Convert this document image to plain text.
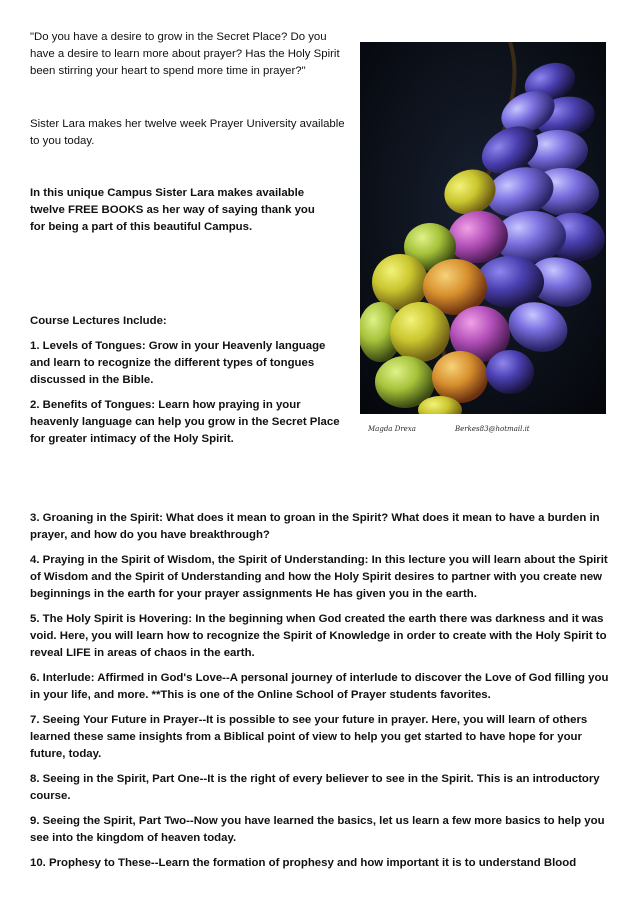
"Do you have a desire to grow in the Secret Place? Do you have a desire to learn more about prayer? Has the Holy Spirit been stirring your heart to spend more time in prayer?"

Sister Lara makes her twelve week Prayer University available to you today.

In this unique Campus Sister Lara makes available twelve FREE BOOKS as her way of saying thank you for being a part of this beautiful Campus.

Course Lectures Include:

1. Levels of Tongues: Grow in your Heavenly language and learn to recognize the different types of tongues discussed in the Bible.

2. Benefits of Tongues: Learn how praying in your heavenly language can help you grow in the Secret Place for greater intimacy of the Holy Spirit.

3. Groaning in the Spirit: What does it mean to groan in the Spirit? What does it mean to have a burden in prayer, and how do you have breakthrough?

4. Praying in the Spirit of Wisdom, the Spirit of Understanding: In this lecture you will learn about the Spirit of Wisdom and the Spirit of Understanding and how the Holy Spirit desires to partner with you create new beginnings in the earth for your prayer assignments He has given you in the earth.

5. The Holy Spirit is Hovering: In the beginning when God created the earth there was darkness and it was void. Here, you will learn how to recognize the Spirit of Knowledge in order to create with the Holy Spirit to reveal LIFE in areas of chaos in the earth.

6. Interlude: Affirmed in God's Love--A personal journey of interlude to discover the Love of God filling you in your life, and more. **This is one of the Online School of Prayer students favorites.

7. Seeing Your Future in Prayer--It is possible to see your future in prayer. Here, you will learn of others learned these same insights from a Biblical point of view to help you get started to have hope for your future, today.

8. Seeing in the Spirit, Part One--It is the right of every believer to see in the Spirit. This is an introductory course.

9. Seeing the Spirit, Part Two--Now you have learned the basics, let us learn a few more basics to help you see into the kingdom of heaven today.

10. Prophesy to These--Learn the formation of prophesy and how important it is to understand Blood

Magda Drexa	Berkes83@hotmail.it
